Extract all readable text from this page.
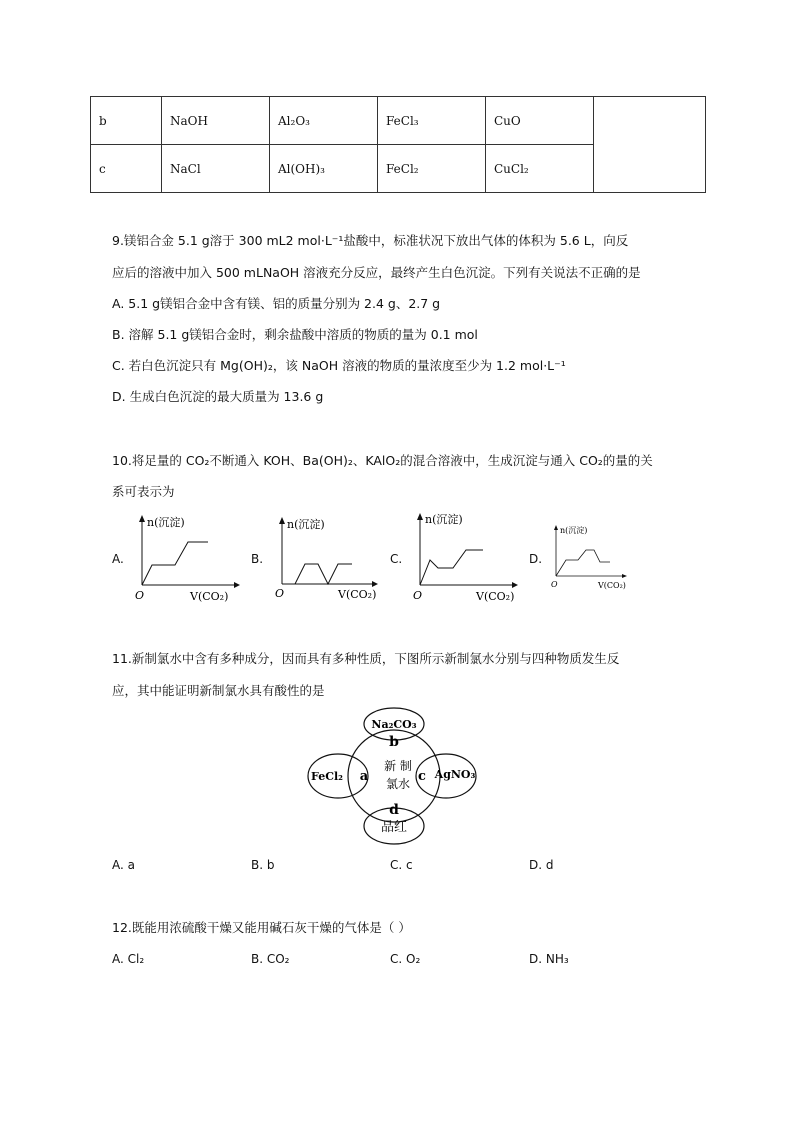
b	NaOH	Al₂O₃	FeCl₃	CuO	
c	NaCl	Al(OH)₃	FeCl₂	CuCl₂	
9.镁铝合金 5.1 g溶于 300 mL2 mol·L⁻¹盐酸中，标准状况下放出气体的体积为 5.6 L，向反
应后的溶液中加入 500 mLNaOH 溶液充分反应，最终产生白色沉淀。下列有关说法不正确的是
A. 5.1 g镁铝合金中含有镁、铝的质量分别为 2.4 g、2.7 g
B. 溶解 5.1 g镁铝合金时，剩余盐酸中溶质的物质的量为 0.1 mol
C. 若白色沉淀只有 Mg(OH)₂，该 NaOH 溶液的物质的量浓度至少为 1.2 mol·L⁻¹
D. 生成白色沉淀的最大质量为 13.6 g
10.将足量的 CO₂不断通入 KOH、Ba(OH)₂、KAlO₂的混合溶液中，生成沉淀与通入 CO₂的量的关
系可表示为
A.	B.	C.	D.
n(沉淀)
O	V(CO₂)
n(沉淀)
O	V(CO₂)
n(沉淀)
O	V(CO₂)
n(沉淀)
O	V(CO₂)
11.新制氯水中含有多种成分，因而具有多种性质，下图所示新制氯水分别与四种物质发生反
应，其中能证明新制氯水具有酸性的是
Na₂CO₃
FeCl₂	AgNO₃
品红
新 制
氯水
b
a	c
d
A. a	B. b	C. c	D. d
12.既能用浓硫酸干燥又能用碱石灰干燥的气体是（ ）
A. Cl₂	B. CO₂	C. O₂	D. NH₃
